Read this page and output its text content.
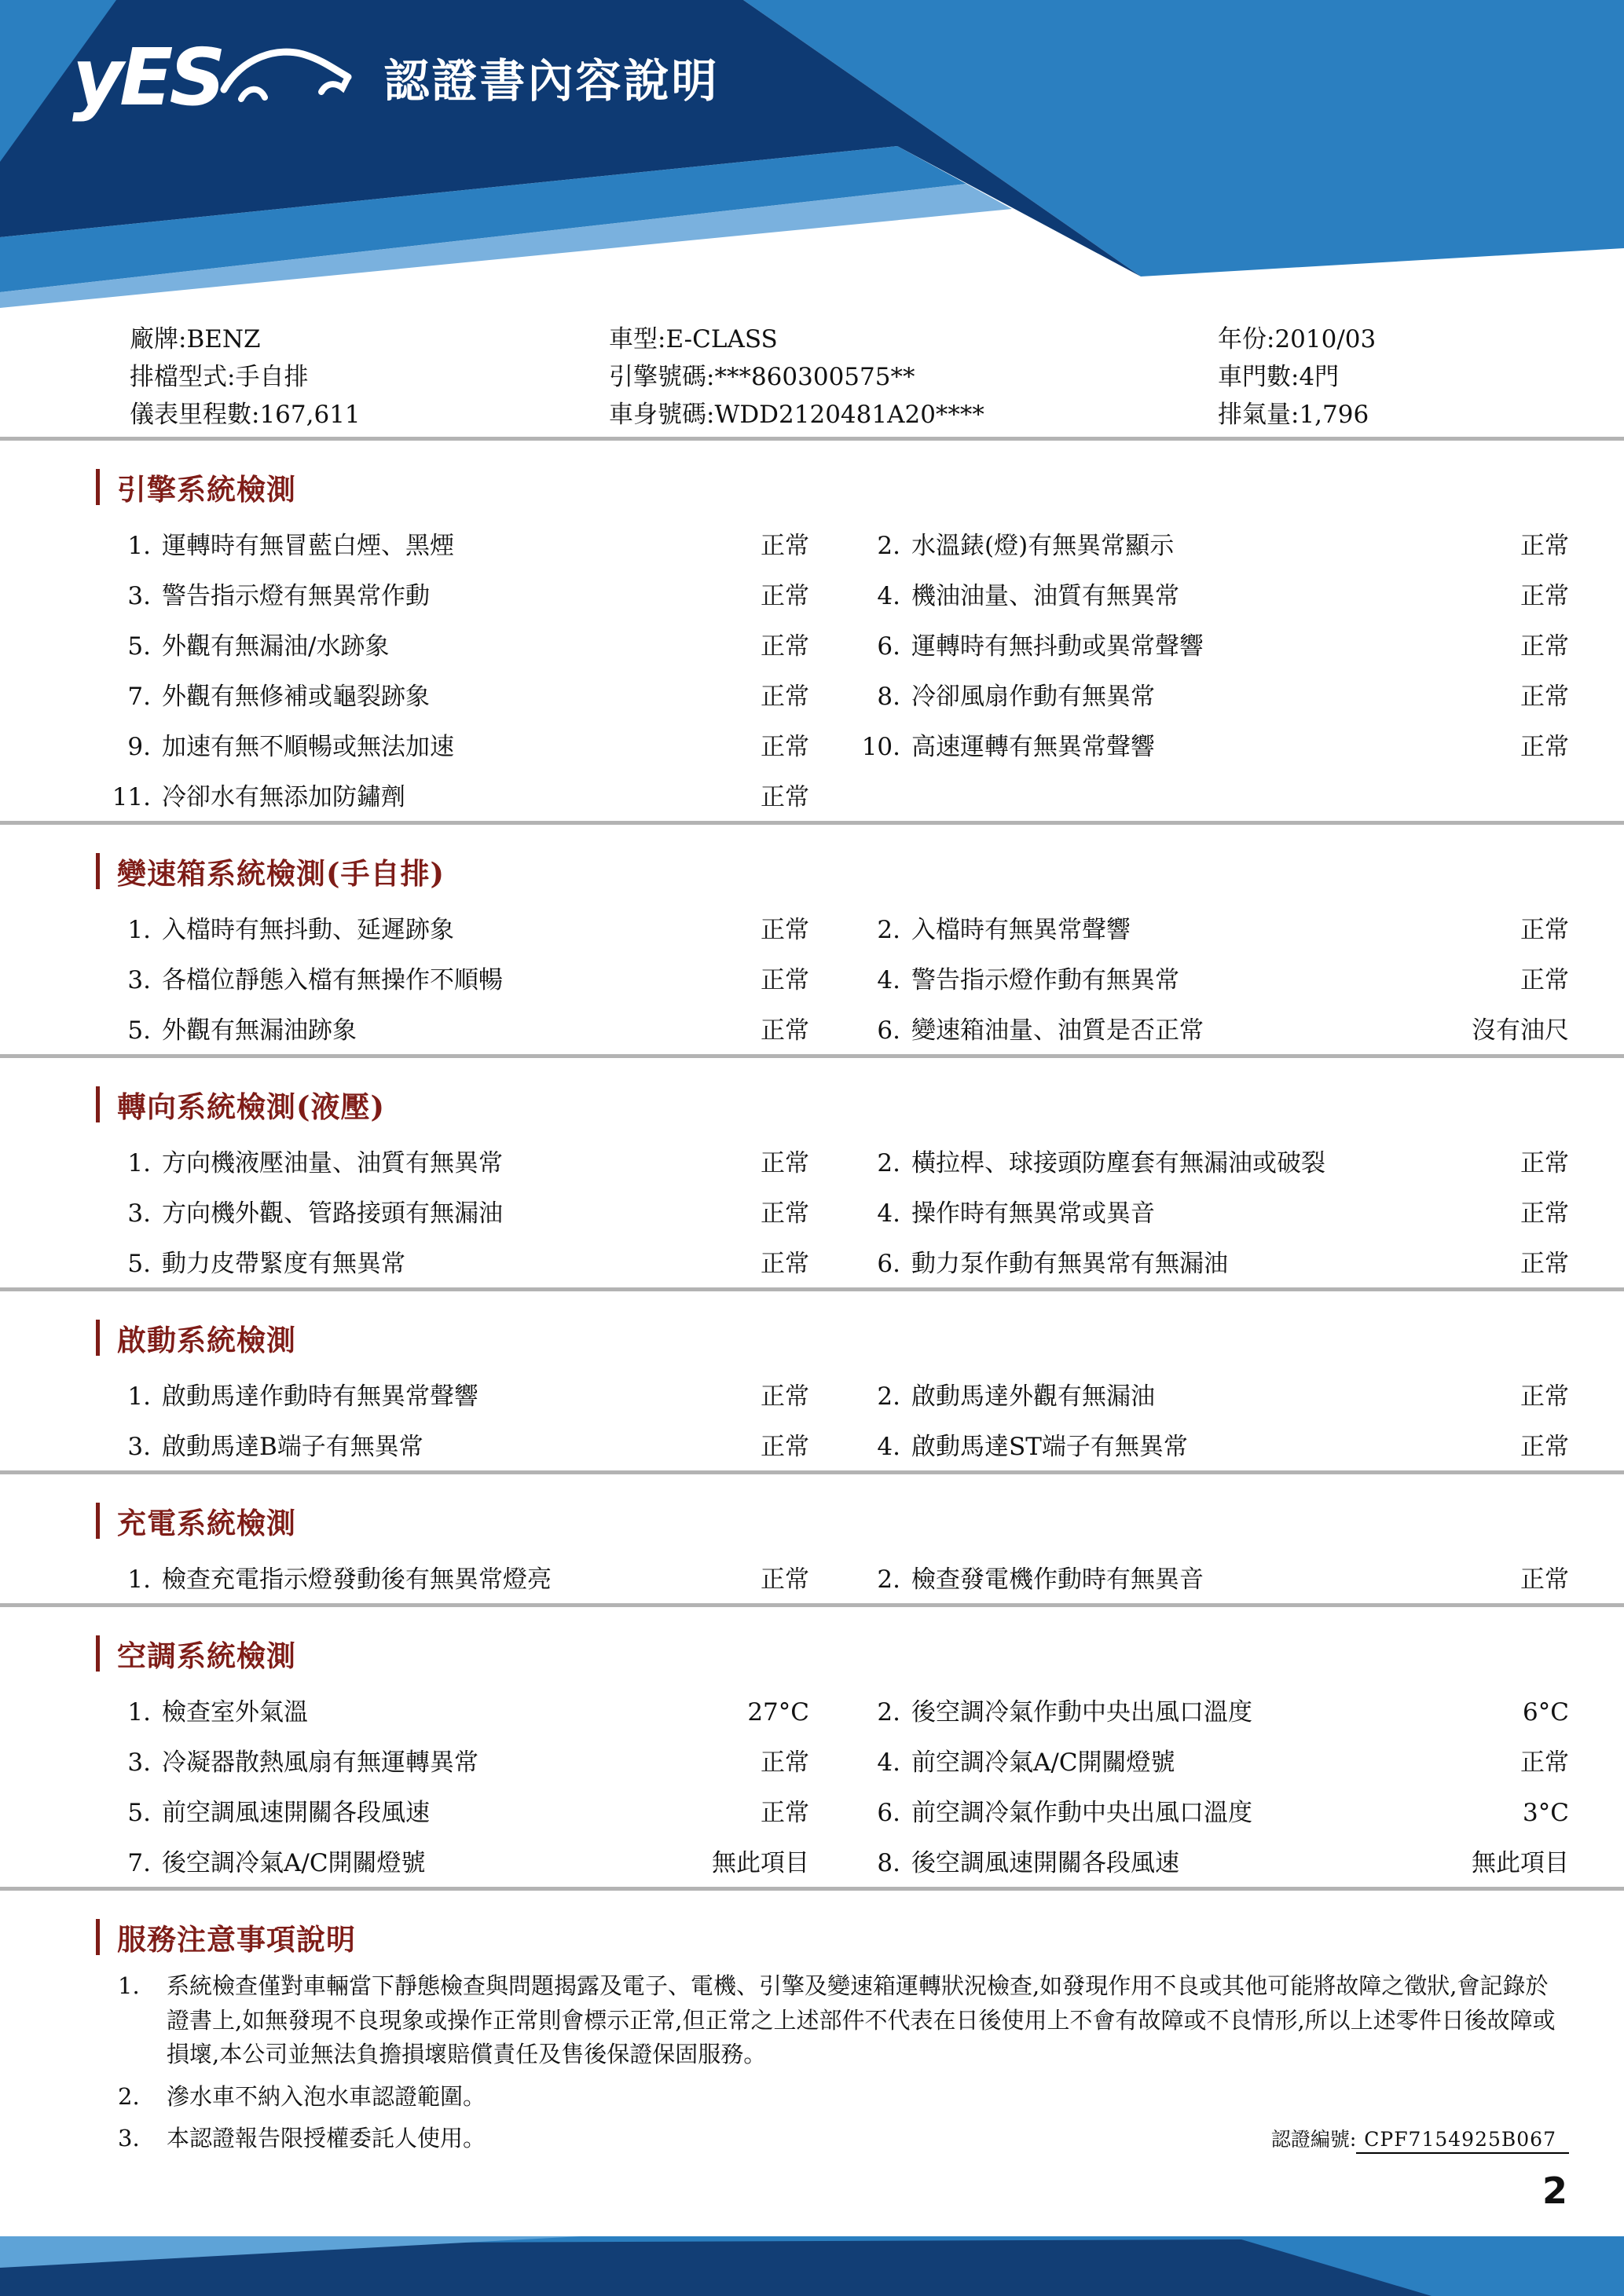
yES	認證書內容說明
廠牌:BENZ	車型:E-CLASS	年份:2010/03
排檔型式:手自排	引擎號碼:***860300575**	車門數:4門
儀表里程數:167,611	車身號碼:WDD2120481A20****	排氣量:1,796
引擎系統檢測
1. 運轉時有無冒藍白煙、黑煙	正常	2. 水溫錶(燈)有無異常顯示	正常
3. 警告指示燈有無異常作動	正常	4. 機油油量、油質有無異常	正常
5. 外觀有無漏油/水跡象	正常	6. 運轉時有無抖動或異常聲響	正常
7. 外觀有無修補或龜裂跡象	正常	8. 冷卻風扇作動有無異常	正常
9. 加速有無不順暢或無法加速	正常 10. 高速運轉有無異常聲響	正常
11. 冷卻水有無添加防鏽劑	正常
變速箱系統檢測(手自排)
1. 入檔時有無抖動、延遲跡象	正常	2. 入檔時有無異常聲響	正常
3. 各檔位靜態入檔有無操作不順暢	正常	4. 警告指示燈作動有無異常	正常
5. 外觀有無漏油跡象	正常	6. 變速箱油量、油質是否正常	沒有油尺
轉向系統檢測(液壓)
1. 方向機液壓油量、油質有無異常	正常	2. 橫拉桿、球接頭防塵套有無漏油或破裂	正常
3. 方向機外觀、管路接頭有無漏油	正常	4. 操作時有無異常或異音	正常
5. 動力皮帶緊度有無異常	正常	6. 動力泵作動有無異常有無漏油	正常
啟動系統檢測
1. 啟動馬達作動時有無異常聲響	正常	2. 啟動馬達外觀有無漏油	正常
3. 啟動馬達B端子有無異常	正常	4. 啟動馬達ST端子有無異常	正常
充電系統檢測
1. 檢查充電指示燈發動後有無異常燈亮	正常	2. 檢查發電機作動時有無異音	正常
空調系統檢測
1. 檢查室外氣溫	27°C	2. 後空調冷氣作動中央出風口溫度	6°C
3. 冷凝器散熱風扇有無運轉異常	正常	4. 前空調冷氣A/C開關燈號	正常
5. 前空調風速開關各段風速	正常	6. 前空調冷氣作動中央出風口溫度	3°C
7. 後空調冷氣A/C開關燈號	無此項目	8. 後空調風速開關各段風速	無此項目
服務注意事項說明
1.	系統檢查僅對車輛當下靜態檢查與問題揭露及電子、電機、引擎及變速箱運轉狀況檢查,如發現作用不良或其他可能將故障之徵狀,會記錄於證書上,如無發現不良現象或操作正常則會標示正常,但正常之上述部件不代表在日後使用上不會有故障或不良情形,所以上述零件日後故障或損壞,本公司並無法負擔損壞賠償責任及售後保證保固服務。

2.	滲水車不納入泡水車認證範圍。

3.	本認證報告限授權委託人使用。	認證編號: CPF7154925B067
2
